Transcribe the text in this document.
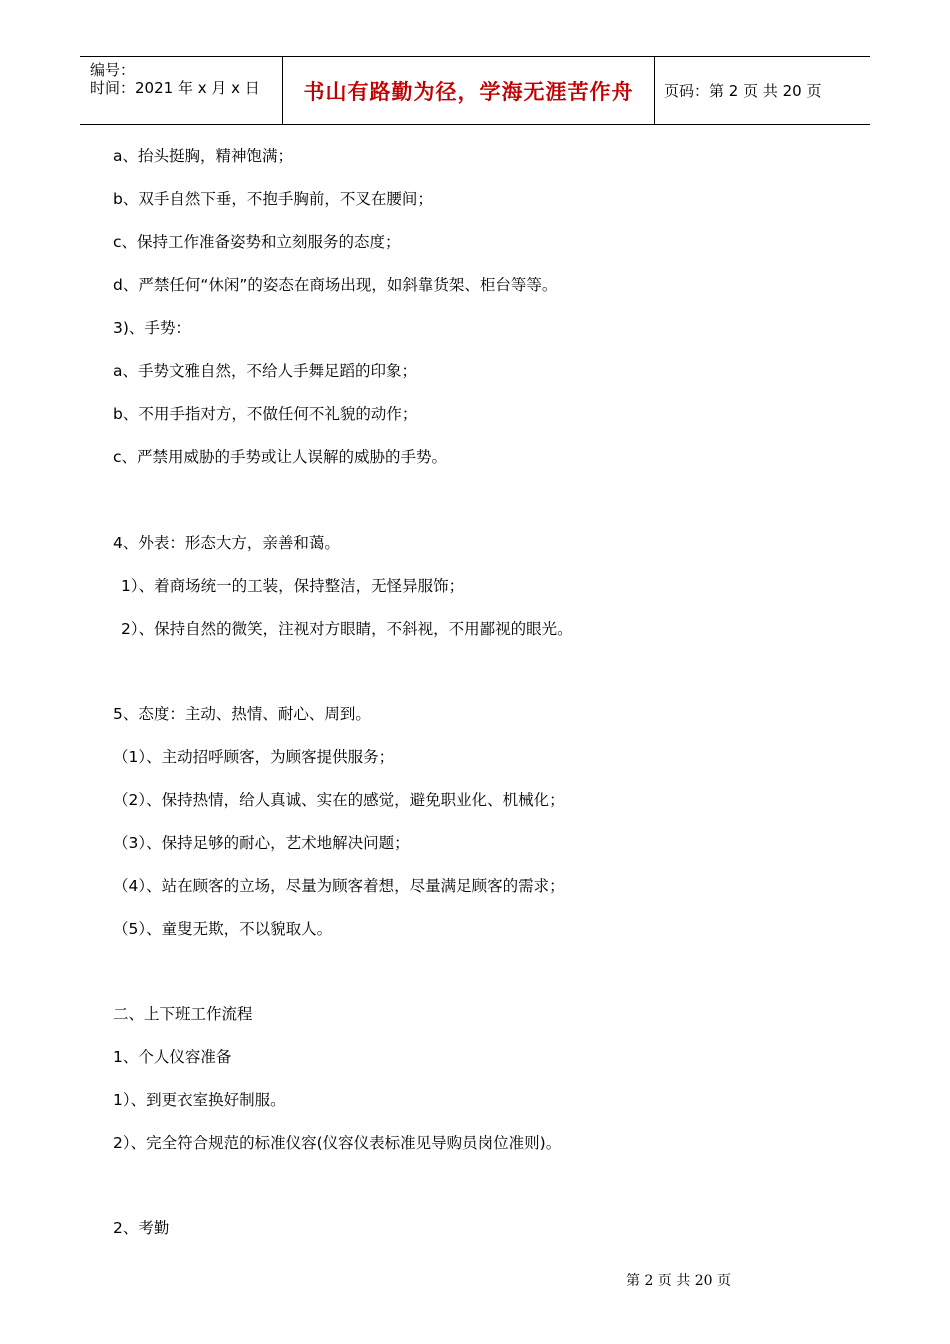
编号：
时间：2021 年 x 月 x 日 书山有路勤为径，学海无涯苦作舟 页码：第 2 页 共 20 页
a、抬头挺胸，精神饱满；
b、双手自然下垂，不抱手胸前，不叉在腰间；
c、保持工作准备姿势和立刻服务的态度；
d、严禁任何“休闲”的姿态在商场出现，如斜靠货架、柜台等等。
3)、手势：
a、手势文雅自然，不给人手舞足蹈的印象；
b、不用手指对方，不做任何不礼貌的动作；
c、严禁用威胁的手势或让人误解的威胁的手势。
4、外表：形态大方，亲善和蔼。
1）、着商场统一的工装，保持整洁，无怪异服饰；
2）、保持自然的微笑，注视对方眼睛，不斜视，不用鄙视的眼光。
5、态度：主动、热情、耐心、周到。
（1）、主动招呼顾客，为顾客提供服务；
（2）、保持热情，给人真诚、实在的感觉，避免职业化、机械化；
（3）、保持足够的耐心，艺术地解决问题；
（4）、站在顾客的立场，尽量为顾客着想，尽量满足顾客的需求；
（5）、童叟无欺，不以貌取人。
二、上下班工作流程
1、个人仪容准备
1）、到更衣室换好制服。
2）、完全符合规范的标准仪容(仪容仪表标准见导购员岗位准则)。
2、考勤
第 2 页 共 20 页
